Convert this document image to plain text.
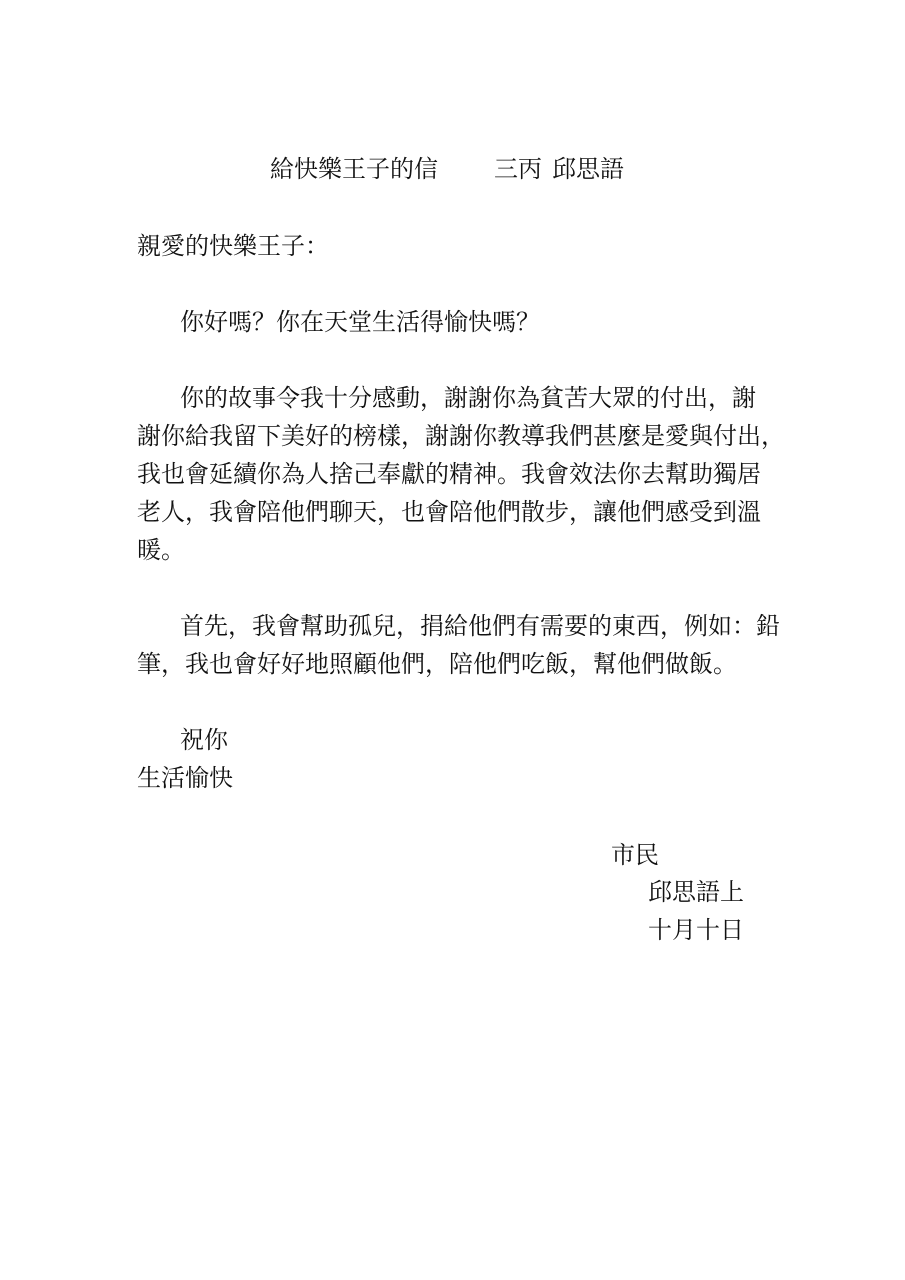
給快樂王子的信 三丙 邱思語

親愛的快樂王子：

你好嗎？你在天堂生活得愉快嗎？

你的故事令我十分感動，謝謝你為貧苦大眾的付出，謝
謝你給我留下美好的榜樣，謝謝你教導我們甚麼是愛與付出，
我也會延續你為人捨己奉獻的精神。我會效法你去幫助獨居
老人，我會陪他們聊天，也會陪他們散步，讓他們感受到溫
暖。
首先，我會幫助孤兒，捐給他們有需要的東西，例如：鉛
筆，我也會好好地照顧他們，陪他們吃飯，幫他們做飯。

祝你

生活愉快

市民

邱思語上

十月十日
